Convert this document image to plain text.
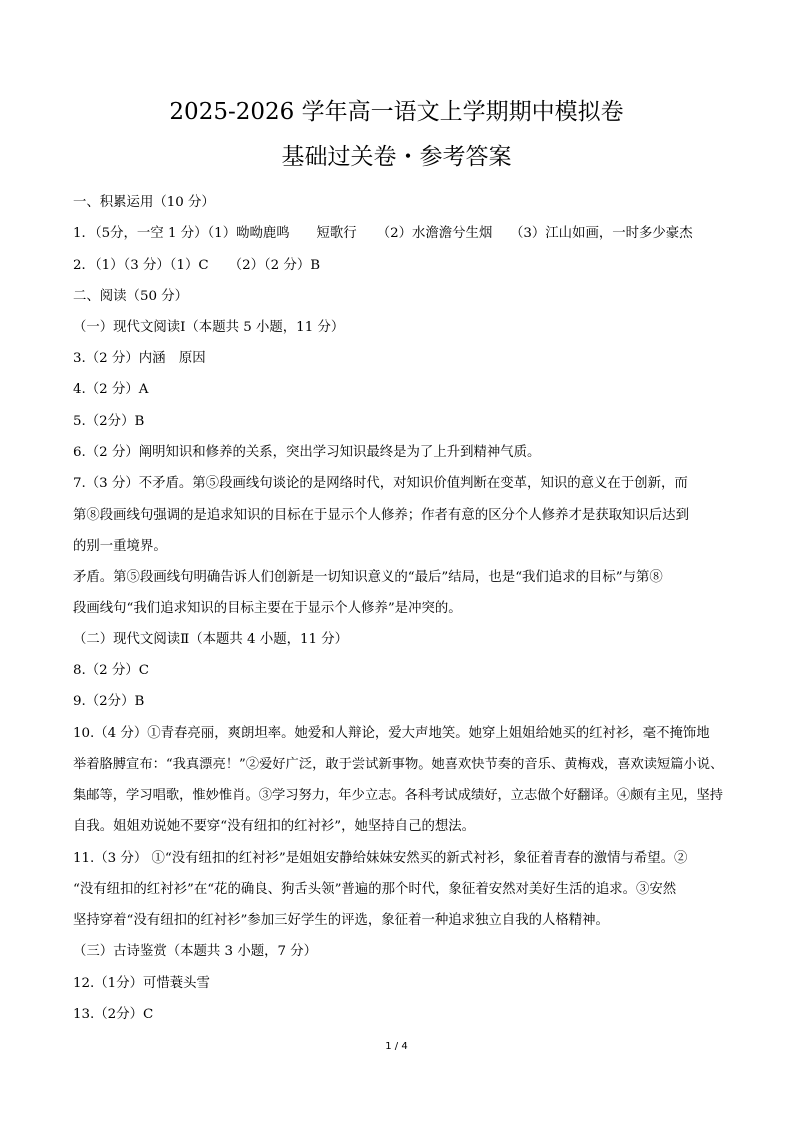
2025-2026 学年高一语文上学期期中模拟卷
基础过关卷・参考答案
一、积累运用（10 分）
1．（5分，一空 1 分）（1）呦呦鹿鸣　　短歌行　　（2）水澹澹兮生烟　 （3）江山如画，一时多少豪杰
2．（1）（3 分）（1）C　　（2）（2 分）B
二、阅读（50 分）
（一）现代文阅读Ⅰ（本题共 5 小题，11 分）
3.（2 分）内涵　原因
4.（2 分）A
5.（2分）B
6.（2 分）阐明知识和修养的关系，突出学习知识最终是为了上升到精神气质。
7.（3 分）不矛盾。第⑤段画线句谈论的是网络时代，对知识价值判断在变革，知识的意义在于创新，而
第⑧段画线句强调的是追求知识的目标在于显示个人修养；作者有意的区分个人修养才是获取知识后达到
的别一重境界。
矛盾。第⑤段画线句明确告诉人们创新是一切知识意义的“最后”结局，也是“我们追求的目标”与第⑧
段画线句“我们追求知识的目标主要在于显示个人修养”是冲突的。
（二）现代文阅读Ⅱ（本题共 4 小题，11 分）
8.（2 分）C
9.（2分）B
10.（4 分）①青春亮丽，爽朗坦率。她爱和人辩论，爱大声地笑。她穿上姐姐给她买的红衬衫，毫不掩饰地
举着胳膊宣布：“我真漂亮！”②爱好广泛，敢于尝试新事物。她喜欢快节奏的音乐、黄梅戏，喜欢读短篇小说、
集邮等，学习唱歌，惟妙惟肖。③学习努力，年少立志。各科考试成绩好，立志做个好翻译。④颇有主见，坚持
自我。姐姐劝说她不要穿“没有纽扣的红衬衫”，她坚持自己的想法。
11.（3 分） ①“没有纽扣的红衬衫”是姐姐安静给妹妹安然买的新式衬衫，象征着青春的激情与希望。②
“没有纽扣的红衬衫”在“花的确良、狗舌头领”普遍的那个时代，象征着安然对美好生活的追求。③安然
坚持穿着“没有纽扣的红衬衫”参加三好学生的评选，象征着一种追求独立自我的人格精神。
（三）古诗鉴赏（本题共 3 小题，7 分）
12.（1分）可惜蓑头雪
13.（2分）C
1 / 4
